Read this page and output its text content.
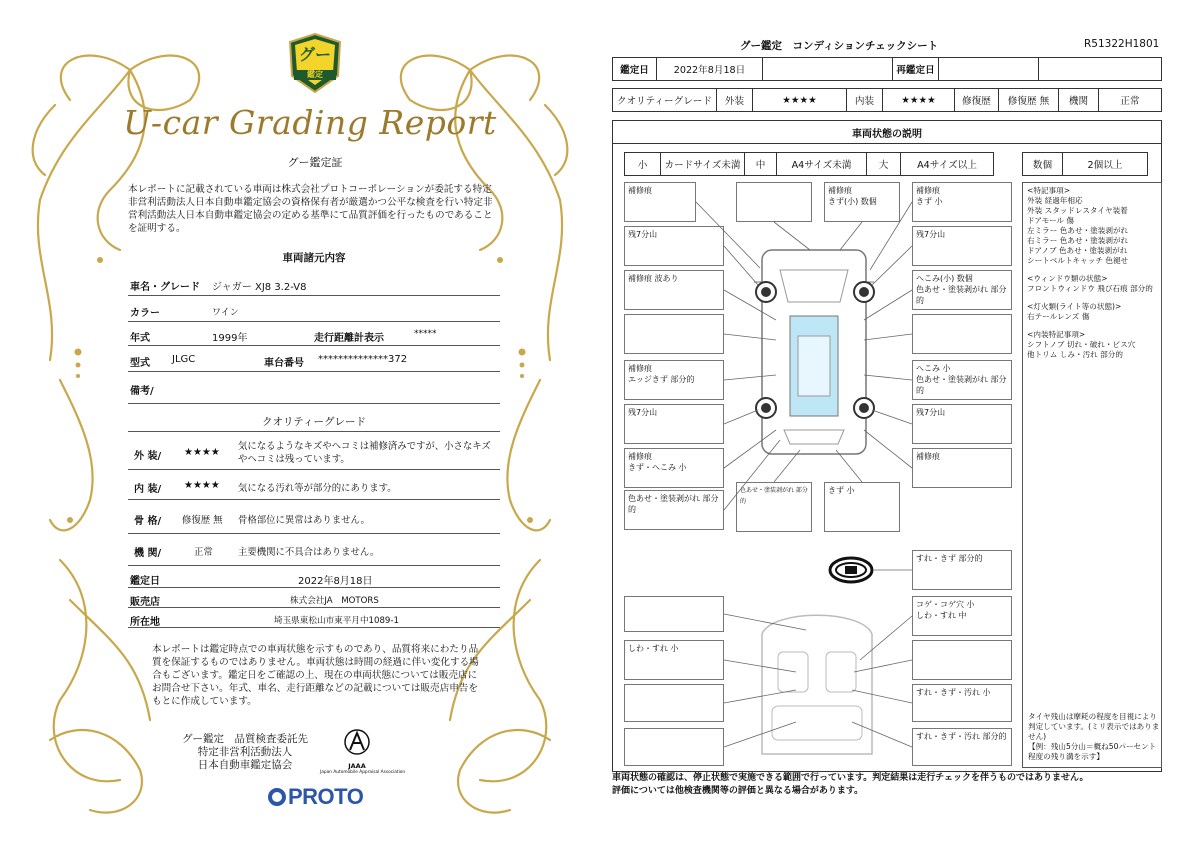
グー
鑑定
U-car Grading Report
グー鑑定証
本レポートに記載されている車両は株式会社プロトコーポレーションが委託する特定非営利活動法人日本自動車鑑定協会の資格保有者が厳選かつ公平な検査を行い特定非営利活動法人日本自動車鑑定協会の定める基準にて品質評価を行ったものであることを証明する。
車両諸元内容
車名・グレード ジャガー XJ8 3.2-V8
カラー	ワイン
年式	1999年	走行距離計表示	*****
型式 JLGC	車台番号 **************372
備考/
クオリティーグレード
外 装/ ★★★★
気になるようなキズやヘコミは補修済みですが、小さなキズやヘコミは残っています。
内 装/ ★★★★ 気になる汚れ等が部分的にあります。
骨 格/ 修復歴 無 骨格部位に異常はありません。
機 関/	正常	主要機関に不具合はありません。
鑑定日	2022年8月18日
販売店	株式会社JA　MOTORS
所在地	埼玉県東松山市東平月中1089-1
本レポートは鑑定時点での車両状態を示すものであり、品質将来にわたり品質を保証するものではありません。車両状態は時間の経過に伴い変化する場合もございます。鑑定日をご確認の上、現在の車両状態については販売店にお問合せ下さい。年式、車名、走行距離などの記載については販売店申告をもとに作成しています。
グー鑑定　品質検査委託先
特定非営利活動法人
日本自動車鑑定協会	JAAA
Japan Automobile Appraisal Association
PROTO
グー鑑定　コンディションチェックシート	R51322H1801
鑑定日	2022年8月18日	再鑑定日
クオリティーグレード	外装	★★★★	内装	★★★★	修復歴	修復歴 無	機関	正常
車両状態の説明
小	カードサイズ未満	中	A4サイズ未満	大	A4サイズ以上	数個	2個以上
補修痕	補修痕
きず(小) 数個
補修痕
きず 小
残7分山	残7分山
補修痕 波あり	へこみ(小) 数個
色あせ・塗装剥がれ 部分的
補修痕
エッジきず 部分的
へこみ 小
色あせ・塗装剥がれ 部分的
残7分山	残7分山
補修痕
きず・へこみ 小
補修痕
色あせ・塗装剥がれ 部分的
色あせ・塗装剥がれ 部分的
きず 小
すれ・きず 部分的
コゲ・コゲ穴 小
しわ・すれ 中
しわ・すれ 小
すれ・きず・汚れ 小
すれ・きず・汚れ 部分的
<特記事項>
外装 経過年相応
外装 スタッドレスタイヤ装着
ドアモール 傷
左ミラー 色あせ・塗装剥がれ
右ミラー 色あせ・塗装剥がれ
ドアノブ 色あせ・塗装剥がれ
シートベルトキャッチ 色褪せ
<ウィンドウ類の状態>
フロントウィンドウ 飛び石痕 部分的
<灯火類(ライト等の状態)>
右テールレンズ 傷
<内装特記事項>
シフトノブ 切れ・破れ・ビス穴
他トリム しみ・汚れ 部分的
タイヤ残山は摩耗の程度を目視により判定しています。(ミリ表示ではありません)
【例：残山5分山＝概ね50パーセント程度の残り溝を示す】
車両状態の確認は、停止状態で実施できる範囲で行っています。判定結果は走行チェックを伴うものではありません。
評価については他検査機関等の評価と異なる場合があります。
